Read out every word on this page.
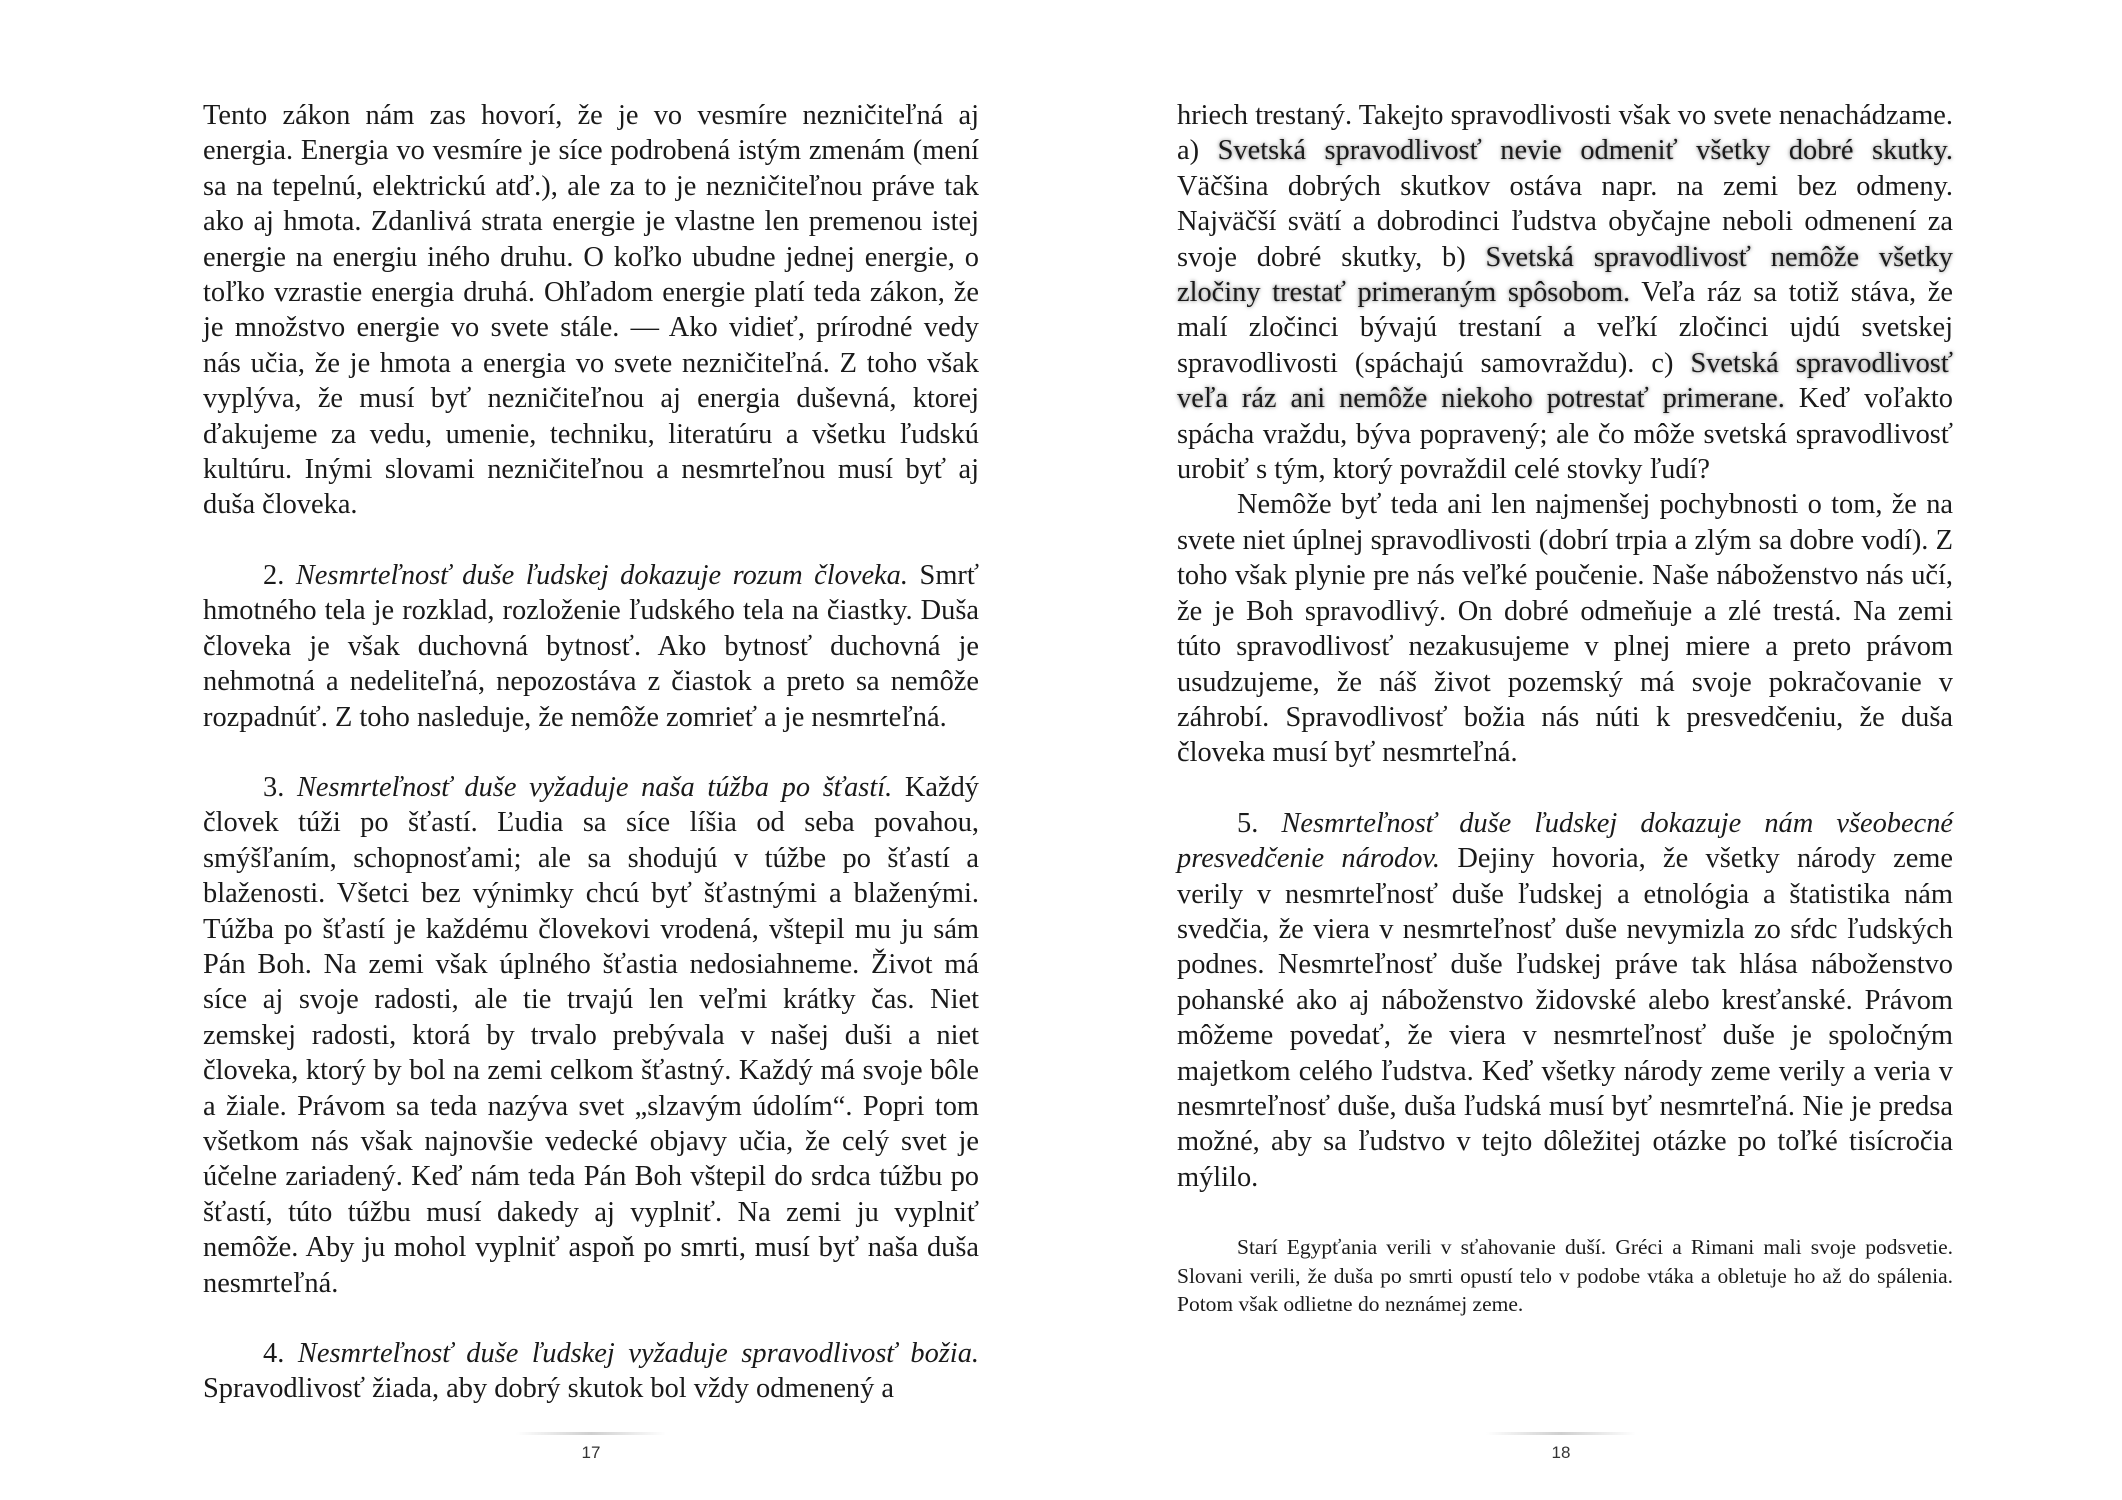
Tento zákon nám zas hovorí, že je vo vesmíre nezničiteľná aj energia. Energia vo vesmíre je síce podrobená istým zmenám (mení sa na tepelnú, elektrickú atď.), ale za to je nezničiteľnou práve tak ako aj hmota. Zdanlivá strata energie je vlastne len premenou istej energie na energiu iného druhu. O koľko ubudne jednej energie, o toľko vzrastie energia druhá. Ohľadom energie platí teda zákon, že je množstvo energie vo svete stále. — Ako vidieť, prírodné vedy nás učia, že je hmota a energia vo svete nezničiteľná. Z toho však vyplýva, že musí byť nezničiteľnou aj energia duševná, ktorej ďakujeme za vedu, umenie, techniku, literatúru a všetku ľudskú kultúru. Inými slovami nezničiteľnou a nesmrteľnou musí byť aj duša človeka.

2. Nesmrteľnosť duše ľudskej dokazuje rozum človeka. Smrť hmotného tela je rozklad, rozloženie ľudského tela na čiastky. Duša človeka je však duchovná bytnosť. Ako bytnosť duchovná je nehmotná a nedeliteľná, nepozostáva z čiastok a preto sa nemôže rozpadnúť. Z toho nasleduje, že nemôže zomrieť a je nesmrteľná.

3. Nesmrteľnosť duše vyžaduje naša túžba po šťastí. Každý človek túži po šťastí. Ľudia sa síce líšia od seba povahou, smýšľaním, schopnosťami; ale sa shodujú v túžbe po šťastí a blaženosti. Všetci bez výnimky chcú byť šťastnými a blaženými. Túžba po šťastí je každému človekovi vrodená, vštepil mu ju sám Pán Boh. Na zemi však úplného šťastia nedosiahneme. Život má síce aj svoje radosti, ale tie trvajú len veľmi krátky čas. Niet zemskej radosti, ktorá by trvalo prebývala v našej duši a niet človeka, ktorý by bol na zemi celkom šťastný. Každý má svoje bôle a žiale. Právom sa teda nazýva svet „slzavým údolím“. Popri tom všetkom nás však najnovšie vedecké objavy učia, že celý svet je účelne zariadený. Keď nám teda Pán Boh vštepil do srdca túžbu po šťastí, túto túžbu musí dakedy aj vyplniť. Na zemi ju vyplniť nemôže. Aby ju mohol vyplniť aspoň po smrti, musí byť naša duša nesmrteľná.

4. Nesmrteľnosť duše ľudskej vyžaduje spravodlivosť božia. Spravodlivosť žiada, aby dobrý skutok bol vždy odmenený a

hriech trestaný. Takejto spravodlivosti však vo svete nenachádzame. a) Svetská spravodlivosť nevie odmeniť všetky dobré skutky. Väčšina dobrých skutkov ostáva napr. na zemi bez odmeny. Najväčší svätí a dobrodinci ľudstva obyčajne neboli odmenení za svoje dobré skutky, b) Svetská spravodlivosť nemôže všetky zločiny trestať primeraným spôsobom. Veľa ráz sa totiž stáva, že malí zločinci bývajú trestaní a veľkí zločinci ujdú svetskej spravodlivosti (spáchajú samovraždu). c) Svetská spravodlivosť veľa ráz ani nemôže niekoho potrestať primerane. Keď voľakto spácha vraždu, býva popravený; ale čo môže svetská spravodlivosť urobiť s tým, ktorý povraždil celé stovky ľudí?

Nemôže byť teda ani len najmenšej pochybnosti o tom, že na svete niet úplnej spravodlivosti (dobrí trpia a zlým sa dobre vodí). Z toho však plynie pre nás veľké poučenie. Naše náboženstvo nás učí, že je Boh spravodlivý. On dobré odmeňuje a zlé trestá. Na zemi túto spravodlivosť nezakusujeme v plnej miere a preto právom usudzujeme, že náš život pozemský má svoje pokračovanie v záhrobí. Spravodlivosť božia nás núti k presvedčeniu, že duša človeka musí byť nesmrteľná.

5. Nesmrteľnosť duše ľudskej dokazuje nám všeobecné presvedčenie národov. Dejiny hovoria, že všetky národy zeme verily v nesmrteľnosť duše ľudskej a etnológia a štatistika nám svedčia, že viera v nesmrteľnosť duše nevymizla zo sŕdc ľudských podnes. Nesmrteľnosť duše ľudskej práve tak hlása náboženstvo pohanské ako aj náboženstvo židovské alebo kresťanské. Právom môžeme povedať, že viera v nesmrteľnosť duše je spoločným majetkom celého ľudstva. Keď všetky národy zeme verily a veria v nesmrteľnosť duše, duša ľudská musí byť nesmrteľná. Nie je predsa možné, aby sa ľudstvo v tejto dôležitej otázke po toľké tisícročia mýlilo.

Starí Egypťania verili v sťahovanie duší. Gréci a Rimani mali svoje podsvetie. Slovani verili, že duša po smrti opustí telo v podobe vtáka a obletuje ho až do spálenia. Potom však odlietne do neznámej zeme.

17	18
